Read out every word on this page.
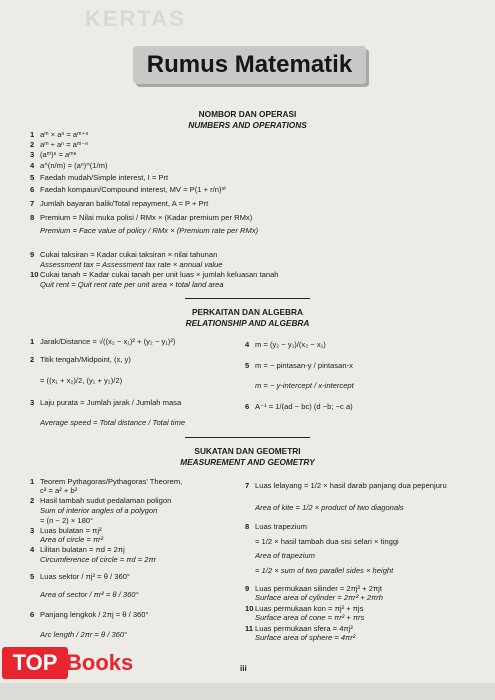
KERTAS
Rumus Matematik
NOMBOR DAN OPERASI
NUMBERS AND OPERATIONS
1 aᵐ × aⁿ = aᵐ⁺ⁿ
2 aᵐ ÷ aⁿ = aᵐ⁻ⁿ
3 (aᵐ)ⁿ = aᵐⁿ
4 a^(n/m) = (aⁿ)^(1/m)
5 Faedah mudah/Simple interest, I = Prt
6 Faedah kompaun/Compound interest, MV = P(1 + r/n)ⁿᵗ
7 Jumlah bayaran balik/Total repayment, A = P + Prt
8 Premium = Nilai muka polisi / RMx × (Kadar premium per RMx)
Premium = Face value of policy / RMx × (Premium rate per RMx)
9 Cukai taksiran = Kadar cukai taksiran × nilai tahunan
Assessment tax = Assessment tax rate × annual value
10 Cukai tanah = Kadar cukai tanah per unit luas × jumlah keluasan tanah
Quit rent = Quit rent rate per unit area × total land area
PERKAITAN DAN ALGEBRA
RELATIONSHIP AND ALGEBRA
1 Jarak/Distance = √((x₂ − x₁)² + (y₂ − y₁)²)
2 Titik tengah/Midpoint, (x, y)
= ((x₁ + x₂)/2, (y₁ + y₂)/2)
3 Laju purata = Jumlah jarak / Jumlah masa
Average speed = Total distance / Total time
4 m = (y₂ − y₁)/(x₂ − x₁)
5 m = − pintasan-y / pintasan-x
m = − y-intercept / x-intercept
6 A⁻¹ = 1/(ad − bc) (d −b; −c a)
SUKATAN DAN GEOMETRI
MEASUREMENT AND GEOMETRY
1 Teorem Pythagoras/Pythagoras' Theorem,
c² = a² + b²
2 Hasil tambah sudut pedalaman poligon
Sum of interior angles of a polygon
= (n − 2) × 180°
3 Luas bulatan = πj²
Area of circle = πr²
4 Lilitan bulatan = πd = 2πj
Circumference of circle = πd = 2πr
5 Luas sektor / πj² = θ / 360°
Area of sector / πr² = θ / 360°
6 Panjang lengkok / 2πj = θ / 360°
Arc length / 2πr = θ / 360°
7 Luas lelayang = 1/2 × hasil darab panjang dua pepenjuru
Area of kite = 1/2 × product of two diagonals
8 Luas trapezium
= 1/2 × hasil tambah dua sisi selari × tinggi
Area of trapezium
= 1/2 × sum of two parallel sides × height
9 Luas permukaan silinder = 2πj² + 2πjt
Surface area of cylinder = 2πr² + 2πrh
10 Luas permukaan kon = πj² + πjs
Surface area of cone = πr² + πrs
11 Luas permukaan sfera = 4πj²
Surface area of sphere = 4πr²
iii
TOP Books
